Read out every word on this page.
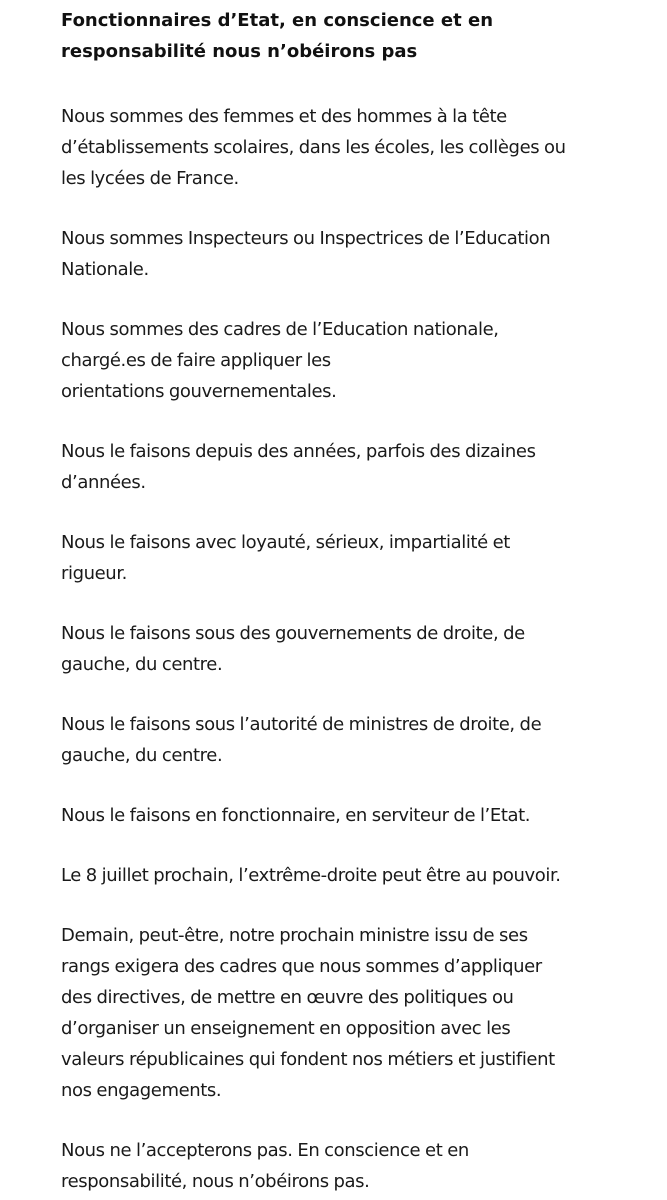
Fonctionnaires d’Etat, en conscience et en
responsabilité nous n’obéirons pas

Nous sommes des femmes et des hommes à la tête
d’établissements scolaires, dans les écoles, les collèges ou
les lycées de France.

Nous sommes Inspecteurs ou Inspectrices de l’Education
Nationale.

Nous sommes des cadres de l’Education nationale,
chargé.es de faire appliquer les
orientations gouvernementales.

Nous le faisons depuis des années, parfois des dizaines
d’années.

Nous le faisons avec loyauté, sérieux, impartialité et
rigueur.

Nous le faisons sous des gouvernements de droite, de
gauche, du centre.

Nous le faisons sous l’autorité de ministres de droite, de
gauche, du centre.

Nous le faisons en fonctionnaire, en serviteur de l’Etat.

Le 8 juillet prochain, l’extrême-droite peut être au pouvoir.

Demain, peut-être, notre prochain ministre issu de ses
rangs exigera des cadres que nous sommes d’appliquer
des directives, de mettre en œuvre des politiques ou
d’organiser un enseignement en opposition avec les
valeurs républicaines qui fondent nos métiers et justifient
nos engagements.

Nous ne l’accepterons pas. En conscience et en
responsabilité, nous n’obéirons pas.
